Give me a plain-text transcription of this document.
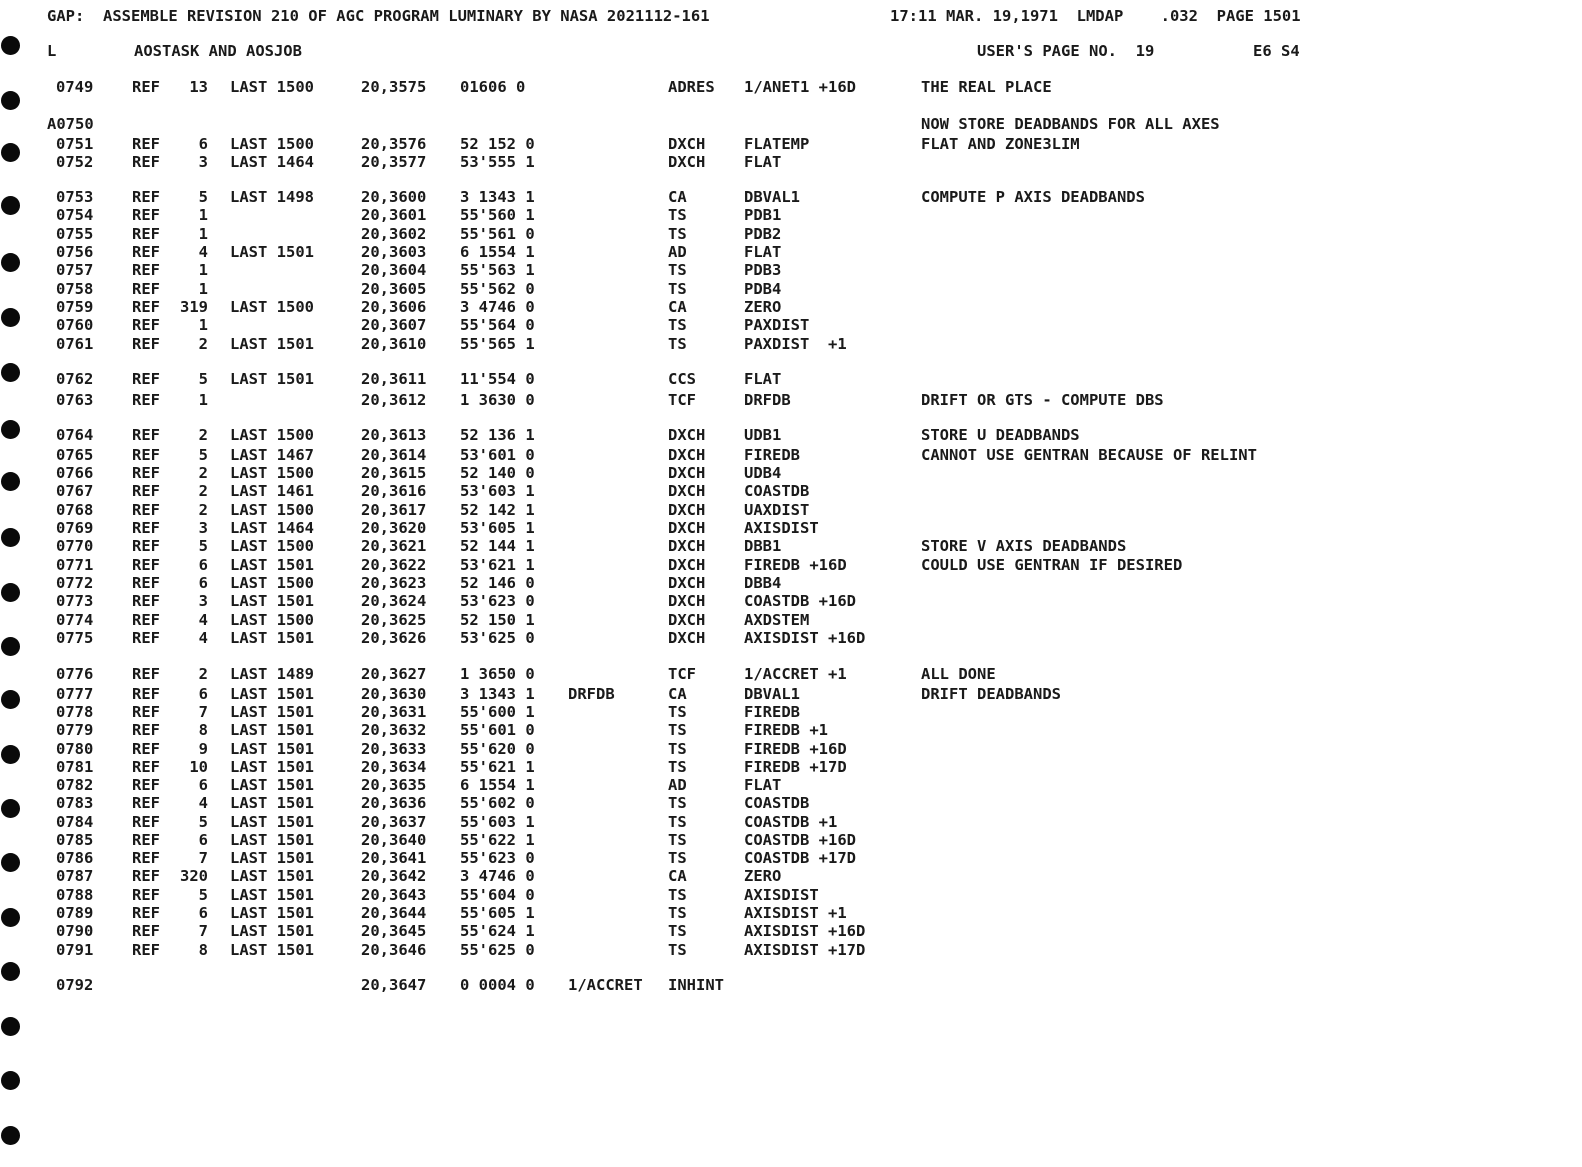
GAP:  ASSEMBLE REVISION 210 OF AGC PROGRAM LUMINARY BY NASA 2021112-161	17:11 MAR. 19,1971  LMDAP    .032  PAGE 1501
L	AOSTASK AND AOSJOB	USER'S PAGE NO.  19	E6 S4
0749 REF 13 LAST 1500	20,3575 01606 0	ADRES 1/ANET1 +16D	THE REAL PLACE
A0750	NOW STORE DEADBANDS FOR ALL AXES
0751 REF 6 LAST 1500	20,3576 52 152 0	DXCH FLATEMP	FLAT AND ZONE3LIM
0752 REF 3 LAST 1464	20,3577 53'555 1	DXCH FLAT
0753 REF 5 LAST 1498	20,3600 3 1343 1	CA	DBVAL1	COMPUTE P AXIS DEADBANDS
0754 REF 1	20,3601 55'560 1	TS	PDB1
0755 REF 1	20,3602 55'561 0	TS	PDB2
0756 REF 4 LAST 1501	20,3603 6 1554 1	AD	FLAT
0757 REF 1	20,3604 55'563 1	TS	PDB3
0758 REF 1	20,3605 55'562 0	TS	PDB4
0759 REF 319 LAST 1500	20,3606 3 4746 0	CA	ZERO
0760 REF 1	20,3607 55'564 0	TS	PAXDIST
0761 REF 2 LAST 1501	20,3610 55'565 1	TS	PAXDIST  +1
0762 REF 5 LAST 1501	20,3611 11'554 0	CCS	FLAT
0763 REF 1	20,3612 1 3630 0	TCF	DRFDB	DRIFT OR GTS - COMPUTE DBS
0764 REF 2 LAST 1500	20,3613 52 136 1	DXCH UDB1	STORE U DEADBANDS
0765 REF 5 LAST 1467	20,3614 53'601 0	DXCH FIREDB	CANNOT USE GENTRAN BECAUSE OF RELINT
0766 REF 2 LAST 1500	20,3615 52 140 0	DXCH UDB4
0767 REF 2 LAST 1461	20,3616 53'603 1	DXCH COASTDB
0768 REF 2 LAST 1500	20,3617 52 142 1	DXCH UAXDIST
0769 REF 3 LAST 1464	20,3620 53'605 1	DXCH AXISDIST
0770 REF 5 LAST 1500	20,3621 52 144 1	DXCH DBB1	STORE V AXIS DEADBANDS
0771 REF 6 LAST 1501	20,3622 53'621 1	DXCH FIREDB +16D	COULD USE GENTRAN IF DESIRED
0772 REF 6 LAST 1500	20,3623 52 146 0	DXCH DBB4
0773 REF 3 LAST 1501	20,3624 53'623 0	DXCH COASTDB +16D
0774 REF 4 LAST 1500	20,3625 52 150 1	DXCH AXDSTEM
0775 REF 4 LAST 1501	20,3626 53'625 0	DXCH AXISDIST +16D
0776 REF 2 LAST 1489	20,3627 1 3650 0	TCF	1/ACCRET +1	ALL DONE
0777 REF 6 LAST 1501	20,3630 3 1343 1 DRFDB	CA	DBVAL1	DRIFT DEADBANDS
0778 REF 7 LAST 1501	20,3631 55'600 1	TS	FIREDB
0779 REF 8 LAST 1501	20,3632 55'601 0	TS	FIREDB +1
0780 REF 9 LAST 1501	20,3633 55'620 0	TS	FIREDB +16D
0781 REF 10 LAST 1501	20,3634 55'621 1	TS	FIREDB +17D
0782 REF 6 LAST 1501	20,3635 6 1554 1	AD	FLAT
0783 REF 4 LAST 1501	20,3636 55'602 0	TS	COASTDB
0784 REF 5 LAST 1501	20,3637 55'603 1	TS	COASTDB +1
0785 REF 6 LAST 1501	20,3640 55'622 1	TS	COASTDB +16D
0786 REF 7 LAST 1501	20,3641 55'623 0	TS	COASTDB +17D
0787 REF 320 LAST 1501	20,3642 3 4746 0	CA	ZERO
0788 REF 5 LAST 1501	20,3643 55'604 0	TS	AXISDIST
0789 REF 6 LAST 1501	20,3644 55'605 1	TS	AXISDIST +1
0790 REF 7 LAST 1501	20,3645 55'624 1	TS	AXISDIST +16D
0791 REF 8 LAST 1501	20,3646 55'625 0	TS	AXISDIST +17D
0792	20,3647 0 0004 0 1/ACCRET INHINT
